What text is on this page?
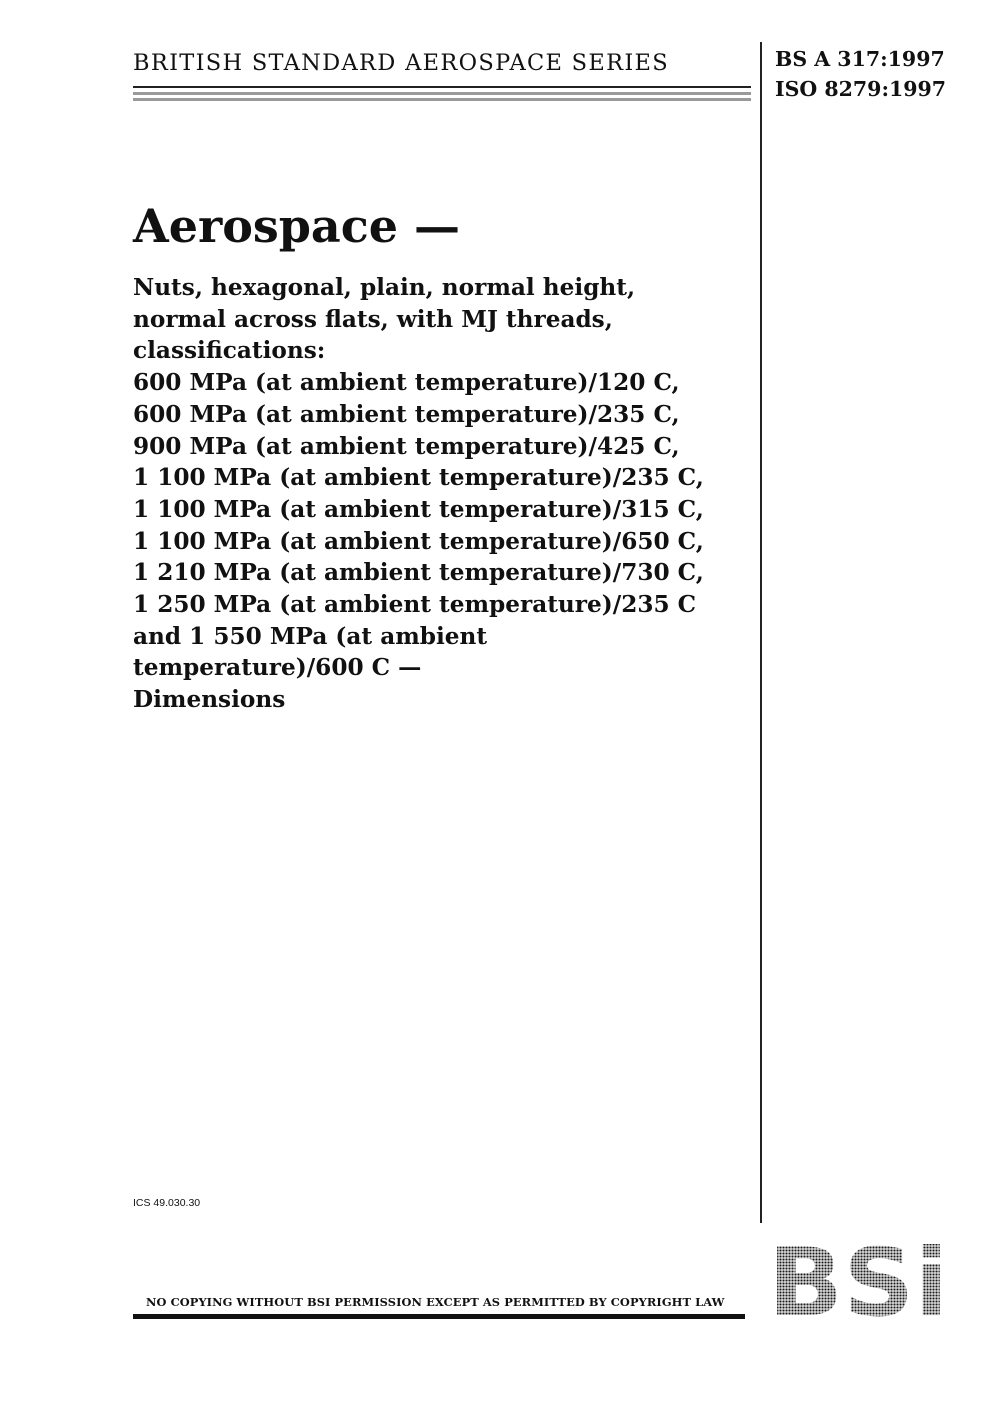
BRITISH STANDARD AEROSPACE SERIES	BS A 317:1997
ISO 8279:1997
Aerospace —
Nuts, hexagonal, plain, normal height,
normal across flats, with MJ threads,
classifications:
600 MPa (at ambient temperature)/120 C,
600 MPa (at ambient temperature)/235 C,
900 MPa (at ambient temperature)/425 C,
1 100 MPa (at ambient temperature)/235 C,
1 100 MPa (at ambient temperature)/315 C,
1 100 MPa (at ambient temperature)/650 C,
1 210 MPa (at ambient temperature)/730 C,
1 250 MPa (at ambient temperature)/235 C
and 1 550 MPa (at ambient
temperature)/600 C —
Dimensions
ICS 49.030.30
NO COPYING WITHOUT BSI PERMISSION EXCEPT AS PERMITTED BY COPYRIGHT LAW
